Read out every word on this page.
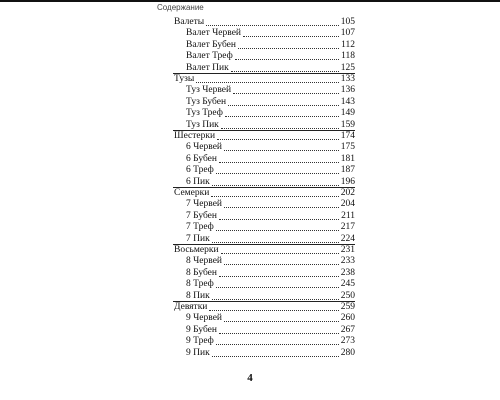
Содержание
Валеты	105
Валет Червей	107
Валет Бубен	112
Валет Треф	118
Валет Пик	125
Тузы	133
Туз Червей	136
Туз Бубен	143
Туз Треф	149
Туз Пик	159
Шестерки	174
6 Червей	175
6 Бубен	181
6 Треф	187
6 Пик	196
Семерки	202
7 Червей	204
7 Бубен	211
7 Треф	217
7 Пик	224
Восьмерки	231
8 Червей	233
8 Бубен	238
8 Треф	245
8 Пик	250
Девятки	259
9 Червей	260
9 Бубен	267
9 Треф	273
9 Пик	280
4
